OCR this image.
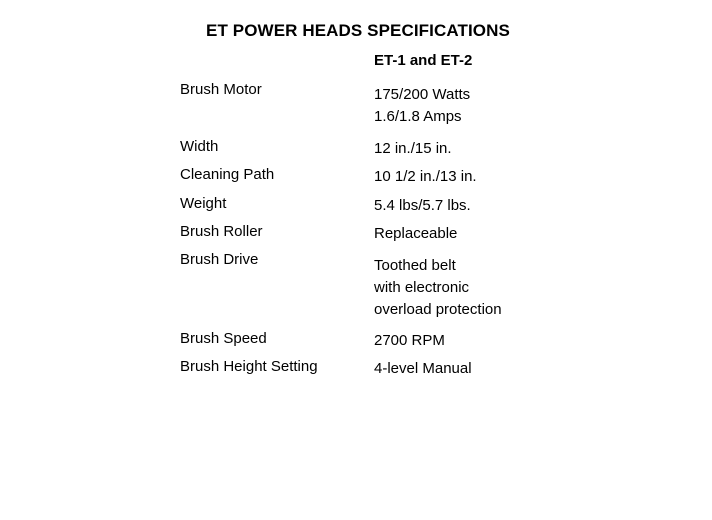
ET POWER HEADS SPECIFICATIONS
ET-1 and ET-2
Brush Motor	175/200 Watts
1.6/1.8 Amps
Width	12 in./15 in.
Cleaning Path	10 1/2 in./13 in.
Weight	5.4 lbs/5.7 lbs.
Brush Roller	Replaceable
Brush Drive	Toothed belt
with electronic
overload protection
Brush Speed	2700 RPM
Brush Height Setting	4-level Manual
